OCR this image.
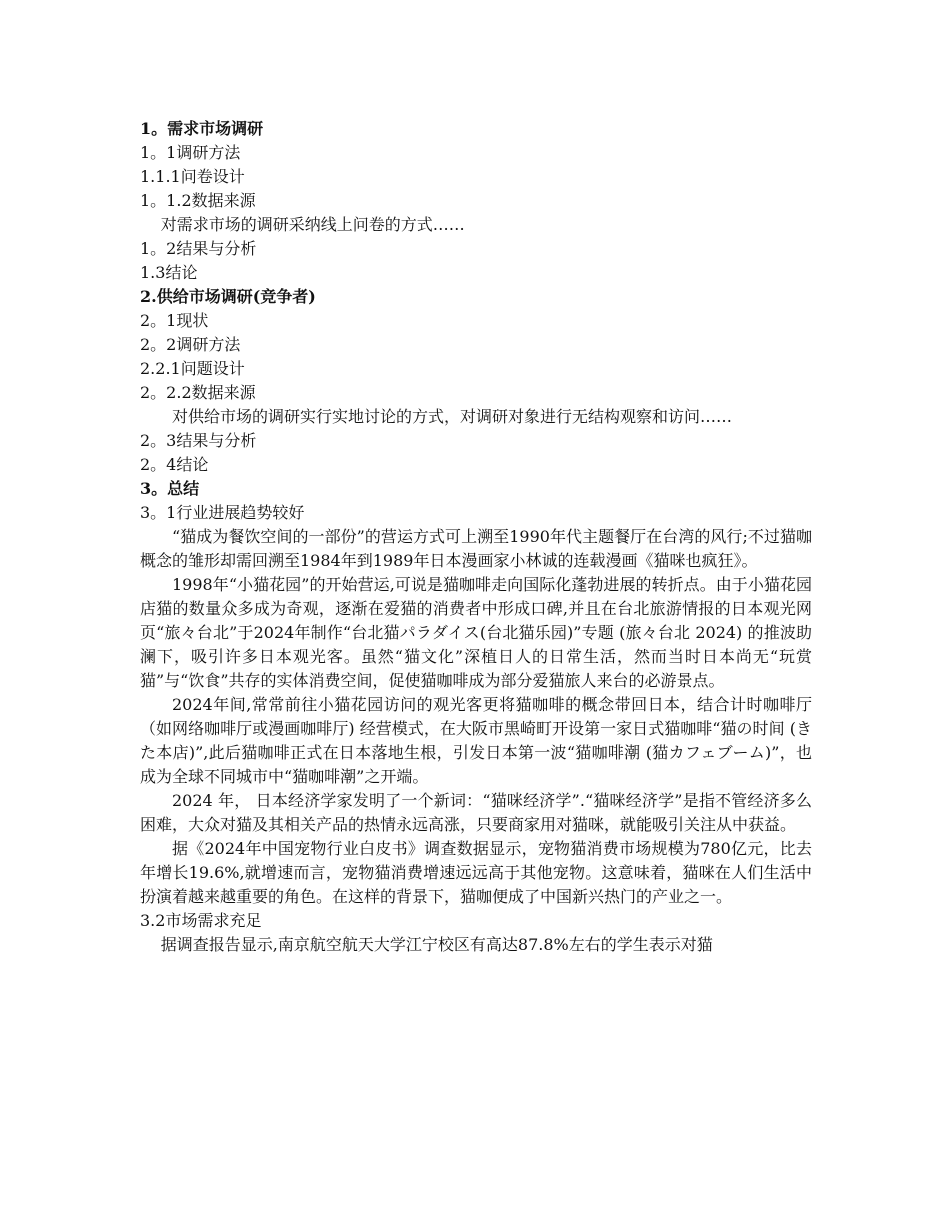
1。需求市场调研

1。1调研方法

1.1.1问卷设计

1。1.2数据来源

对需求市场的调研采纳线上问卷的方式……

1。2结果与分析

1.3结论

2.供给市场调研(竞争者)

2。1现状

2。2调研方法

2.2.1问题设计

2。2.2数据来源

对供给市场的调研实行实地讨论的方式，对调研对象进行无结构观察和访问……

2。3结果与分析

2。4结论

3。总结

3。1行业进展趋势较好

“猫成为餐饮空间的一部份”的营运方式可上溯至1990年代主题餐厅在台湾的风行;不过猫咖概念的雏形却需回溯至1984年到1989年日本漫画家小林诚的连载漫画《猫咪也疯狂》。

1998年“小猫花园”的开始营运,可说是猫咖啡走向国际化蓬勃进展的转折点。由于小猫花园店猫的数量众多成为奇观，逐渐在爱猫的消费者中形成口碑,并且在台北旅游情报的日本观光网页“旅々台北”于2024年制作“台北猫パラダイス(台北猫乐园)”专题 (旅々台北 2024) 的推波助澜下，吸引许多日本观光客。虽然“猫文化”深植日人的日常生活，然而当时日本尚无“玩赏猫”与“饮食”共存的实体消费空间，促使猫咖啡成为部分爱猫旅人来台的必游景点。

2024年间,常常前往小猫花园访问的观光客更将猫咖啡的概念带回日本，结合计时咖啡厅 （如网络咖啡厅或漫画咖啡厅) 经营模式，在大阪市黑崎町开设第一家日式猫咖啡“猫の时间 (きた本店)”,此后猫咖啡正式在日本落地生根，引发日本第一波“猫咖啡潮 (猫カフェブーム)”，也成为全球不同城市中“猫咖啡潮”之开端。

2024 年， 日本经济学家发明了一个新词：“猫咪经济学”.“猫咪经济学”是指不管经济多么困难，大众对猫及其相关产品的热情永远高涨，只要商家用对猫咪，就能吸引关注从中获益。

据《2024年中国宠物行业白皮书》调查数据显示，宠物猫消费市场规模为780亿元，比去年增长19.6%,就增速而言，宠物猫消费增速远远高于其他宠物。这意味着，猫咪在人们生活中扮演着越来越重要的角色。在这样的背景下，猫咖便成了中国新兴热门的产业之一。

3.2市场需求充足

据调查报告显示,南京航空航天大学江宁校区有高达87.8%左右的学生表示对猫
